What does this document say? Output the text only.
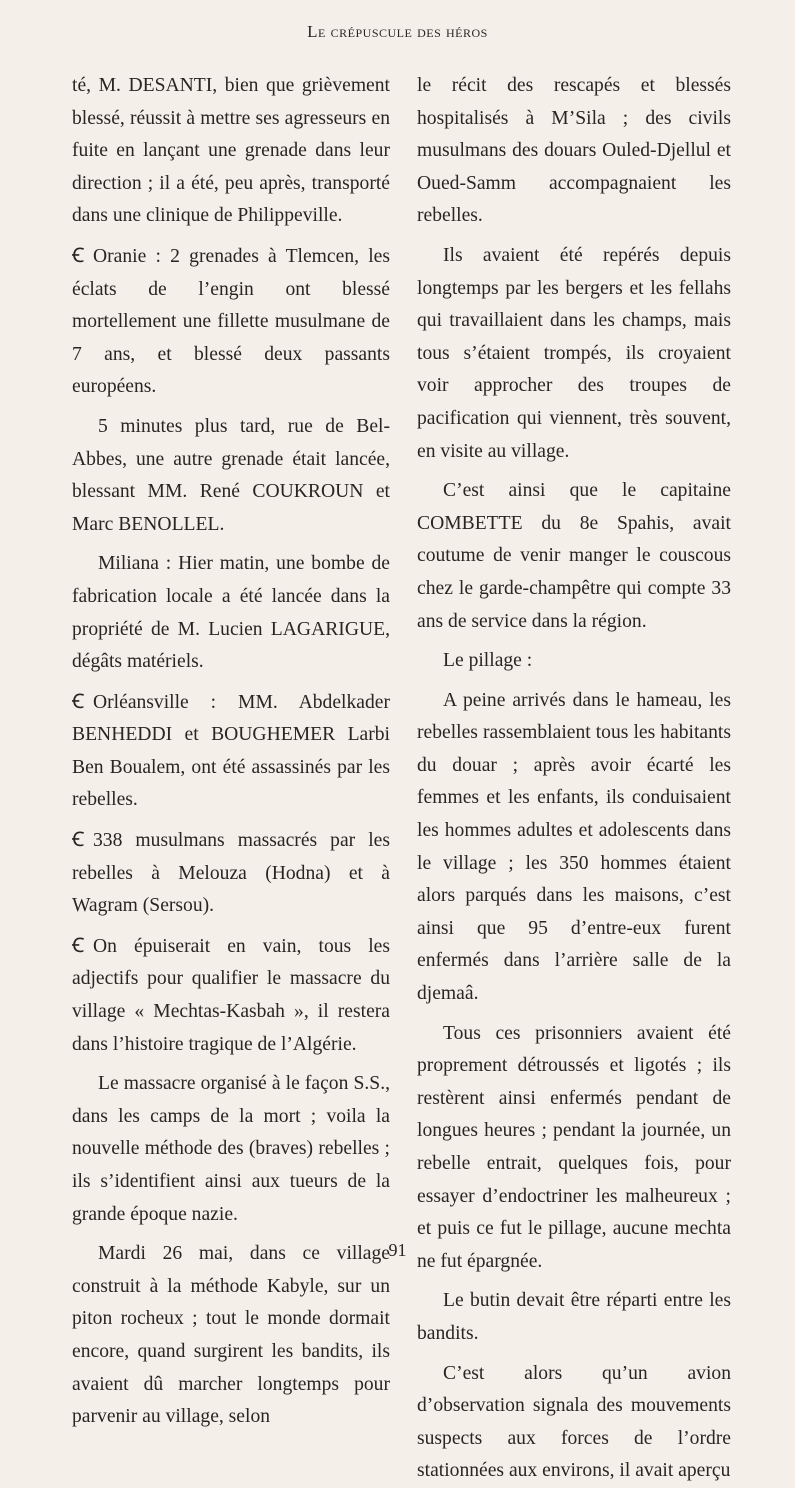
Le crépuscule des héros

té, M. DESANTI, bien que grièvement blessé, réussit à mettre ses agresseurs en fuite en lançant une grenade dans leur direction ; il a été, peu après, transporté dans une clinique de Philippeville.

Ꞓ Oranie : 2 grenades à Tlemcen, les éclats de l’engin ont blessé mortellement une fillette musulmane de 7 ans, et blessé deux passants européens.

5 minutes plus tard, rue de Bel-Abbes, une autre grenade était lancée, blessant MM. René COUKROUN et Marc BENOLLEL.

Miliana : Hier matin, une bombe de fabrication locale a été lancée dans la propriété de M. Lucien LAGARIGUE, dégâts matériels.

Ꞓ Orléansville : MM. Abdelkader BENHEDDI et BOUGHEMER Larbi Ben Boualem, ont été assassinés par les rebelles.

Ꞓ 338 musulmans massacrés par les rebelles à Melouza (Hodna) et à Wagram (Sersou).

Ꞓ On épuiserait en vain, tous les adjectifs pour qualifier le massacre du village « Mechtas-Kasbah », il restera dans l’histoire tragique de l’Algérie.

Le massacre organisé à le façon S.S., dans les camps de la mort ; voila la nouvelle méthode des (braves) rebelles ; ils s’identifient ainsi aux tueurs de la grande époque nazie.

Mardi 26 mai, dans ce village construit à la méthode Kabyle, sur un piton rocheux ; tout le monde dormait encore, quand surgirent les bandits, ils avaient dû marcher longtemps pour parvenir au village, selon

le récit des rescapés et blessés hospitalisés à M’Sila ; des civils musulmans des douars Ouled-Djellul et Oued-Samm accompagnaient les rebelles.

Ils avaient été repérés depuis longtemps par les bergers et les fellahs qui travaillaient dans les champs, mais tous s’étaient trompés, ils croyaient voir approcher des troupes de pacification qui viennent, très souvent, en visite au village.

C’est ainsi que le capitaine COMBETTE du 8e Spahis, avait coutume de venir manger le couscous chez le garde-champêtre qui compte 33 ans de service dans la région.

Le pillage :

A peine arrivés dans le hameau, les rebelles rassemblaient tous les habitants du douar ; après avoir écarté les femmes et les enfants, ils conduisaient les hommes adultes et adolescents dans le village ; les 350 hommes étaient alors parqués dans les maisons, c’est ainsi que 95 d’entre-eux furent enfermés dans l’arrière salle de la djemaâ.

Tous ces prisonniers avaient été proprement détroussés et ligotés ; ils restèrent ainsi enfermés pendant de longues heures ; pendant la journée, un rebelle entrait, quelques fois, pour essayer d’endoctriner les malheureux ; et puis ce fut le pillage, aucune mechta ne fut épargnée.

Le butin devait être réparti entre les bandits.

C’est alors qu’un avion d’observation signala des mouvements suspects aux forces de l’ordre stationnées aux environs, il avait aperçu

91
